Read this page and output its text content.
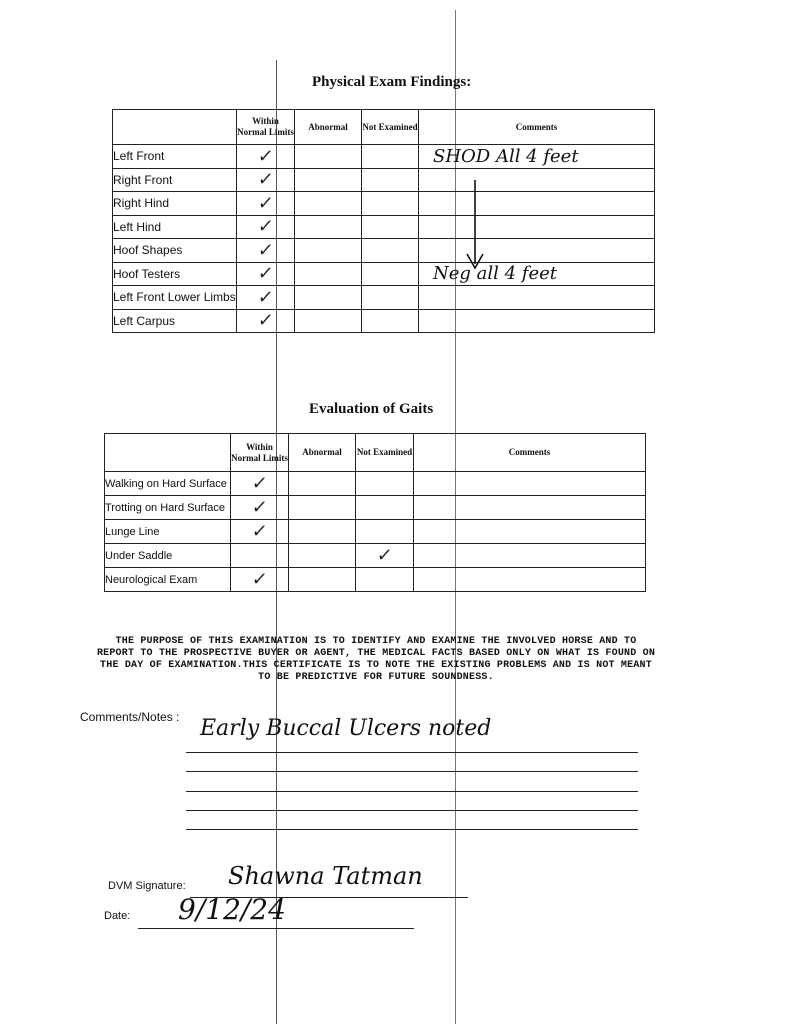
Physical Exam Findings:
	Within Normal Limits	Abnormal	Not Examined	Comments
Left Front	✓			SHOD All 4 feet
Right Front	✓			
Right Hind	✓			
Left Hind	✓			
Hoof Shapes	✓			
Hoof Testers	✓			Neg all 4 feet
Left Front Lower Limbs	✓			
Left Carpus	✓			
Evaluation of Gaits
	Within Normal Limits	Abnormal	Not Examined	Comments
Walking on Hard Surface	✓			
Trotting on Hard Surface	✓			
Lunge Line	✓			
Under Saddle			✓	
Neurological Exam	✓			
THE PURPOSE OF THIS EXAMINATION IS TO IDENTIFY AND EXAMINE THE INVOLVED HORSE AND TO REPORT TO THE PROSPECTIVE BUYER OR AGENT, THE MEDICAL FACTS BASED ONLY ON WHAT IS FOUND ON THE DAY OF EXAMINATION.THIS CERTIFICATE IS TO NOTE THE EXISTING PROBLEMS AND IS NOT MEANT TO BE PREDICTIVE FOR FUTURE SOUNDNESS.
Comments/Notes : Early Buccal Ulcers noted
DVM Signature: Shawna Tatman
Date: 9/12/24
